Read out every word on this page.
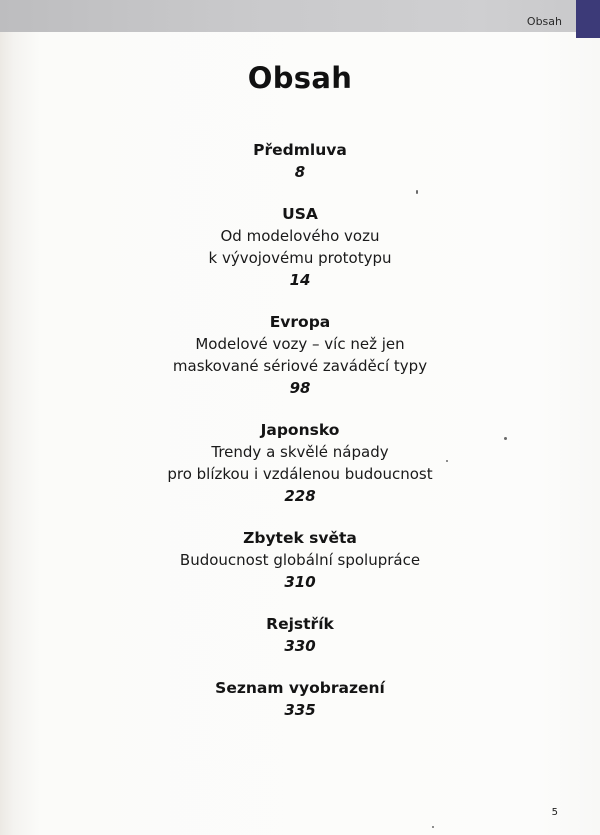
Obsah
Obsah
Předmluva
8
USA
Od modelového vozu
k vývojovému prototypu
14
Evropa
Modelové vozy – víc než jen
maskované sériové zaváděcí typy
98
Japonsko
Trendy a skvělé nápady
pro blízkou i vzdálenou budoucnost
228
Zbytek světa
Budoucnost globální spolupráce
310
Rejstřík
330
Seznam vyobrazení
335
5
